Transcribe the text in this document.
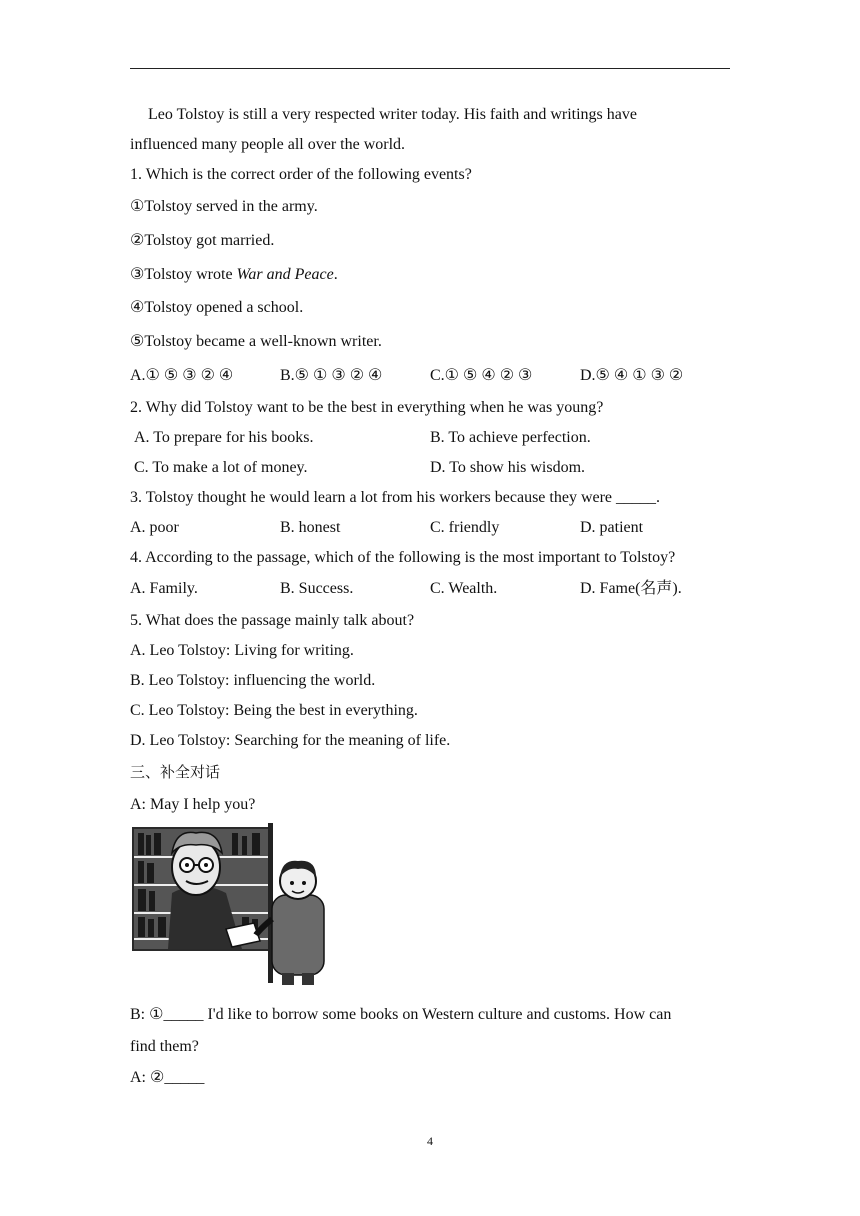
Leo Tolstoy is still a very respected writer today. His faith and writings have
influenced many people all over the world.
1. Which is the correct order of the following events?
①Tolstoy served in the army.
②Tolstoy got married.
③Tolstoy wrote War and Peace.
④Tolstoy opened a school.
⑤Tolstoy became a well-known writer.
A.① ⑤ ③ ② ④	B.⑤ ① ③ ② ④	C.① ⑤ ④ ② ③	D.⑤ ④ ① ③ ②
2. Why did Tolstoy want to be the best in everything when he was young?
A. To prepare for his books.	B. To achieve perfection.
C. To make a lot of money.	D. To show his wisdom.
3. Tolstoy thought he would learn a lot from his workers because they were _____.
A. poor	B. honest	C. friendly	D. patient
4. According to the passage, which of the following is the most important to Tolstoy?
A. Family.	B. Success.	C. Wealth.	D. Fame(名声).
5. What does the passage mainly talk about?
A. Leo Tolstoy: Living for writing.
B. Leo Tolstoy: influencing the world.
C. Leo Tolstoy: Being the best in everything.
D. Leo Tolstoy: Searching for the meaning of life.
三、补全对话
A: May I help you?
B: ①_____ I'd like to borrow some books on Western culture and customs. How can
find them?
A: ②_____
4
